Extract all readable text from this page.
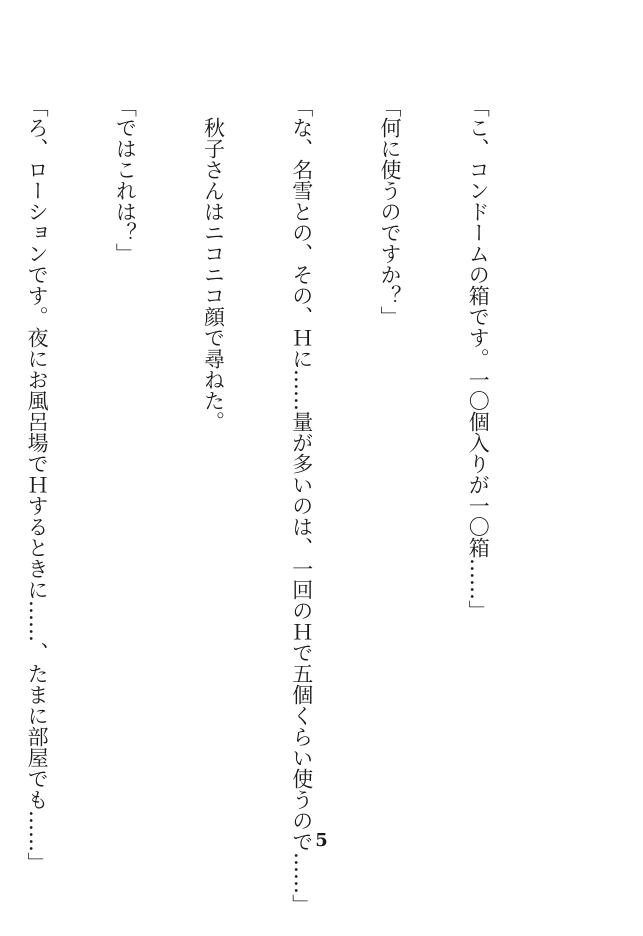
「こ、コンドームの箱です。一〇個入りが一〇箱……」

「何に使うのですか？」

「な、名雪との、その、Ｈに……量が多いのは、一回のＨで五個くらい使うので……」

　秋子さんはニコニコ顔で尋ねた。

「ではこれは？」

「ろ、ローションです。夜にお風呂場でＨするときに……、たまに部屋でも……」

	5
